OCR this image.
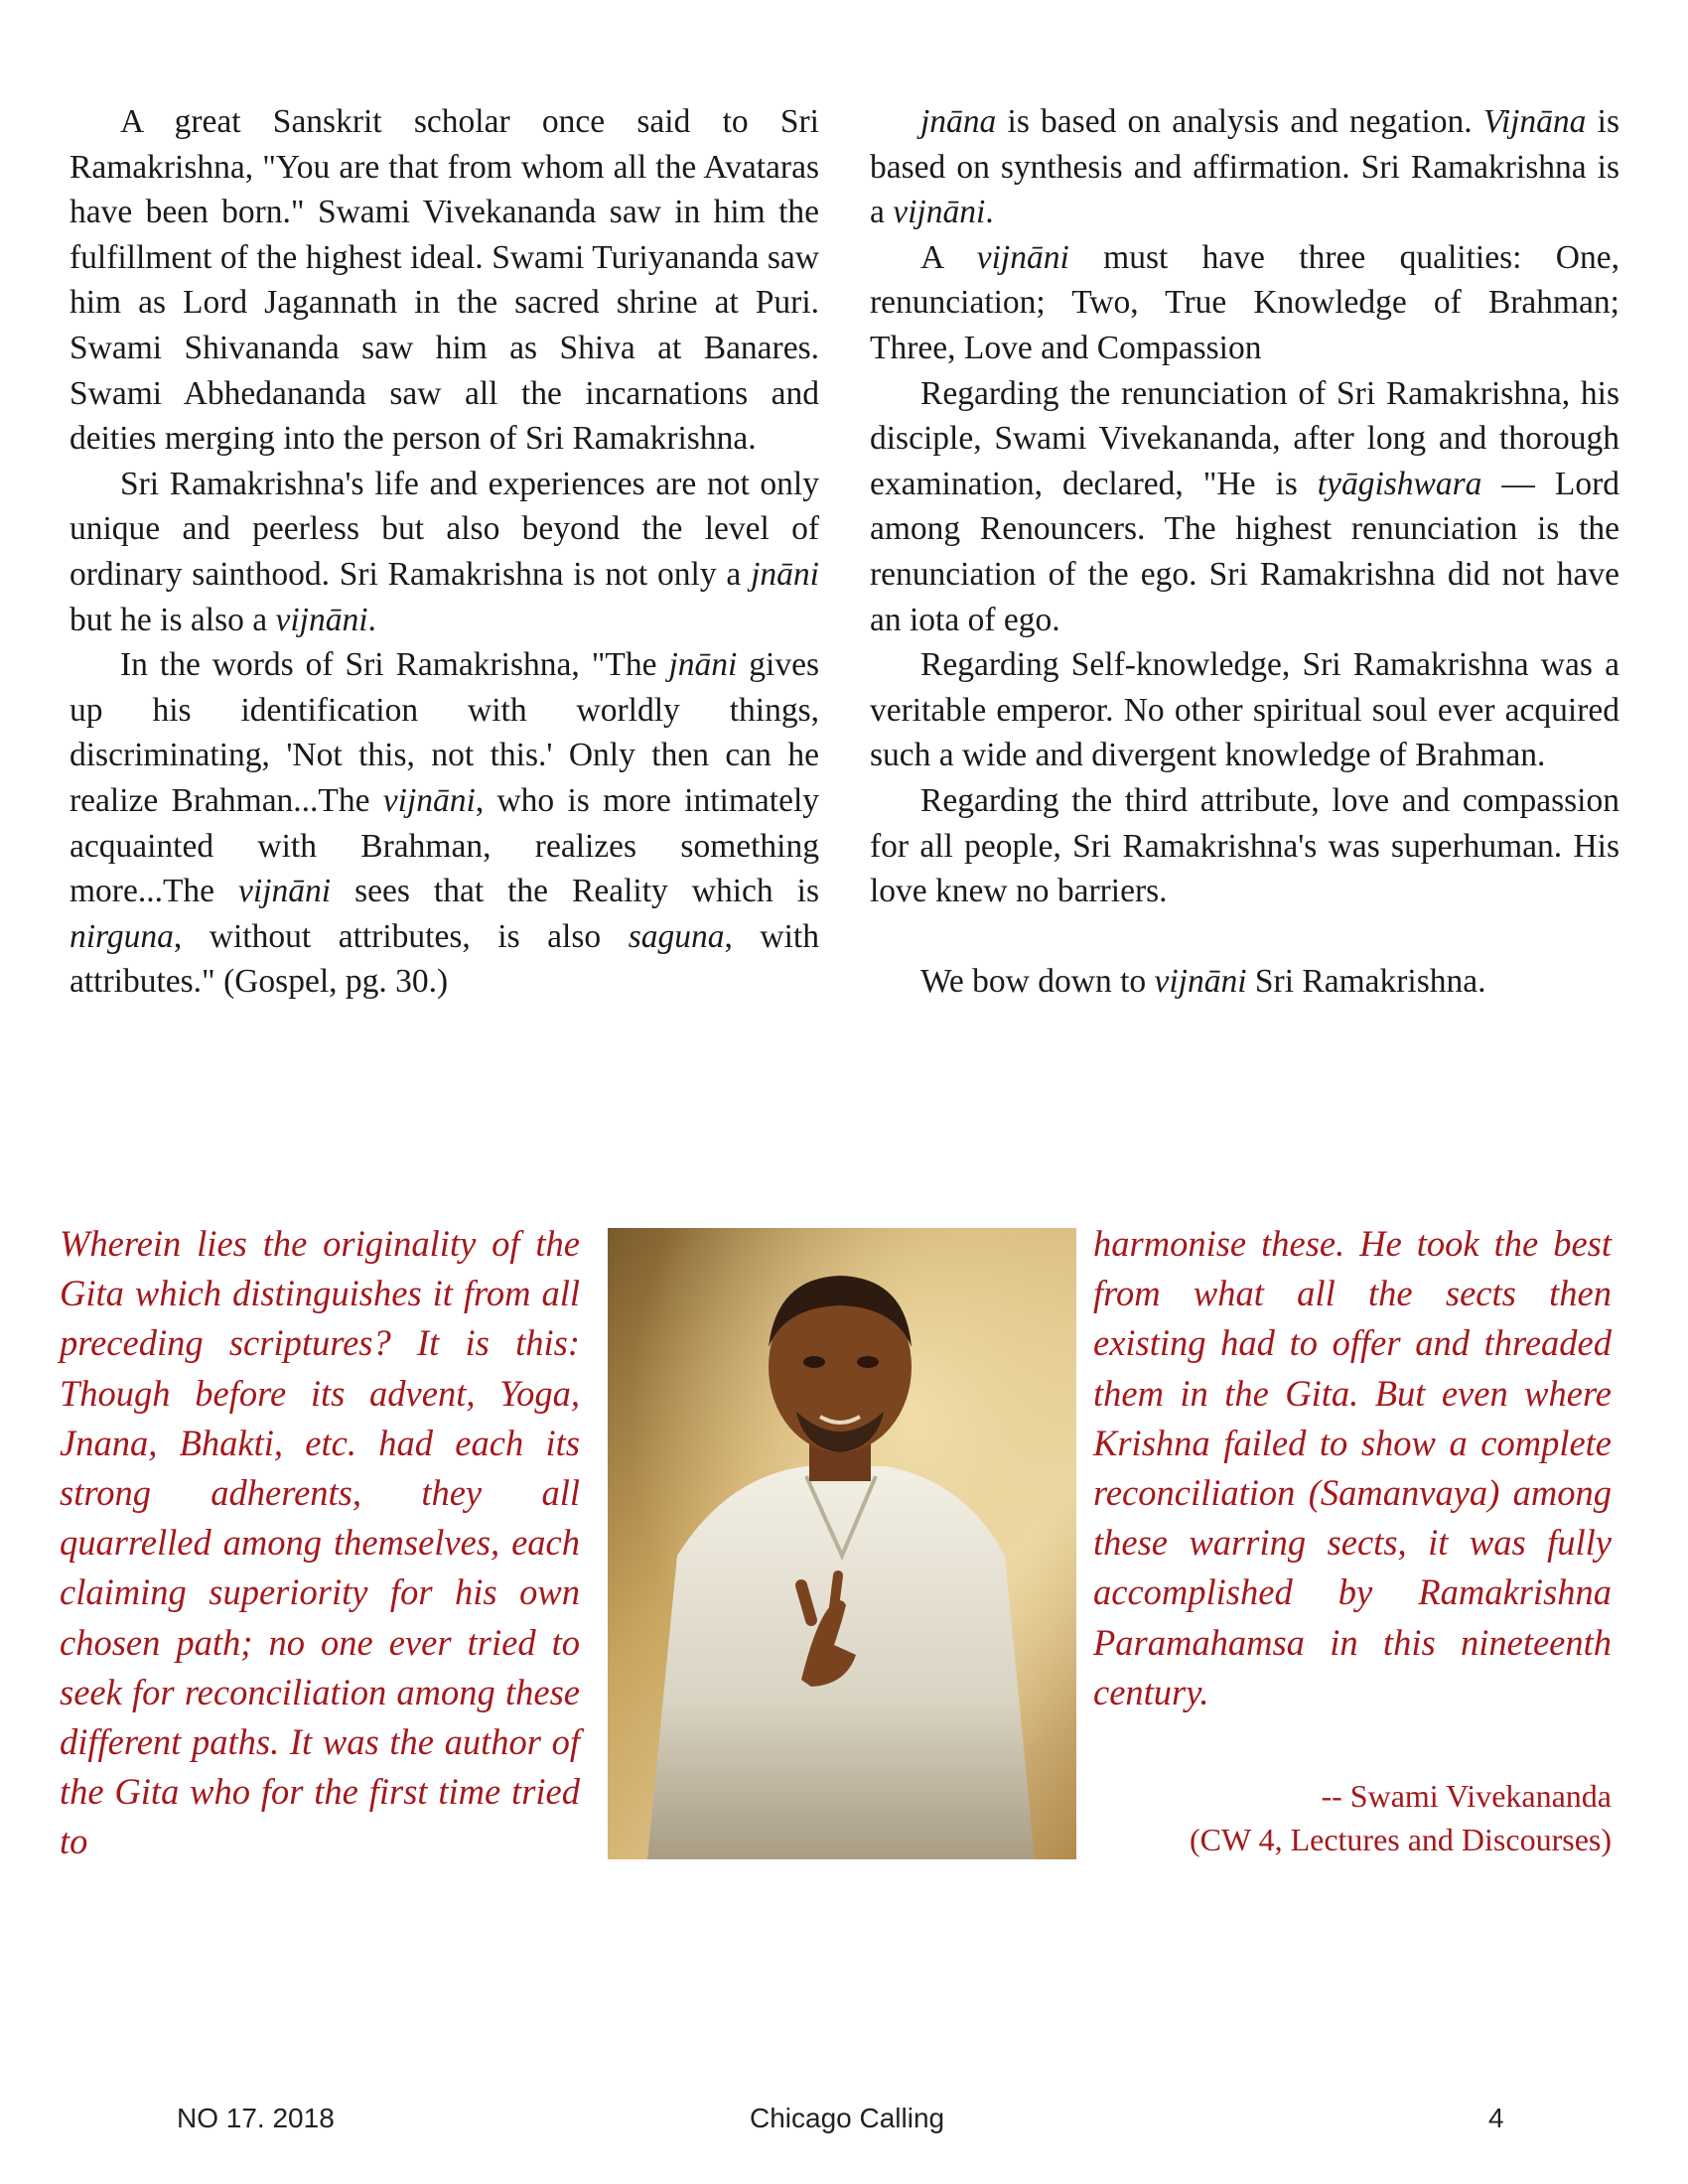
A great Sanskrit scholar once said to Sri Ramakrishna, "You are that from whom all the Avataras have been born." Swami Vivekananda saw in him the fulfillment of the highest ideal. Swami Turiyananda saw him as Lord Jagannath in the sacred shrine at Puri. Swami Shivananda saw him as Shiva at Banares. Swami Abhedananda saw all the incarnations and deities merging into the person of Sri Ramakrishna.

Sri Ramakrishna's life and experiences are not only unique and peerless but also beyond the level of ordinary sainthood. Sri Ramakrishna is not only a jnāni but he is also a vijnāni.

In the words of Sri Ramakrishna, "The jnāni gives up his identification with worldly things, discriminating, 'Not this, not this.' Only then can he realize Brahman...The vijnāni, who is more intimately acquainted with Brahman, realizes something more...The vijnāni sees that the Reality which is nirguna, without attributes, is also saguna, with attributes." (Gospel, pg. 30.)

jnāna is based on analysis and negation. Vijnāna is based on synthesis and affirmation. Sri Ramakrishna is a vijnāni.

A vijnāni must have three qualities: One, renunciation; Two, True Knowledge of Brahman; Three, Love and Compassion

Regarding the renunciation of Sri Ramakrishna, his disciple, Swami Vivekananda, after long and thorough examination, declared, "He is tyāgishwara — Lord among Renouncers. The highest renunciation is the renunciation of the ego. Sri Ramakrishna did not have an iota of ego.

Regarding Self-knowledge, Sri Ramakrishna was a veritable emperor. No other spiritual soul ever acquired such a wide and divergent knowledge of Brahman.

Regarding the third attribute, love and compassion for all people, Sri Ramakrishna's was superhuman. His love knew no barriers.

We bow down to vijnāni Sri Ramakrishna.

Wherein lies the originality of the Gita which distinguishes it from all preceding scriptures? It is this: Though before its advent, Yoga, Jnana, Bhakti, etc. had each its strong adherents, they all quarrelled among themselves, each claiming superiority for his own chosen path; no one ever tried to seek for reconciliation among these different paths. It was the author of the Gita who for the first time tried to
harmonise these. He took the best from what all the sects then existing had to offer and threaded them in the Gita. But even where Krishna failed to show a complete reconciliation (Samanvaya) among these warring sects, it was fully accomplished by Ramakrishna Paramahamsa in this nineteenth century.
-- Swami Vivekananda
(CW 4, Lectures and Discourses)
NO 17. 2018	Chicago Calling	4
